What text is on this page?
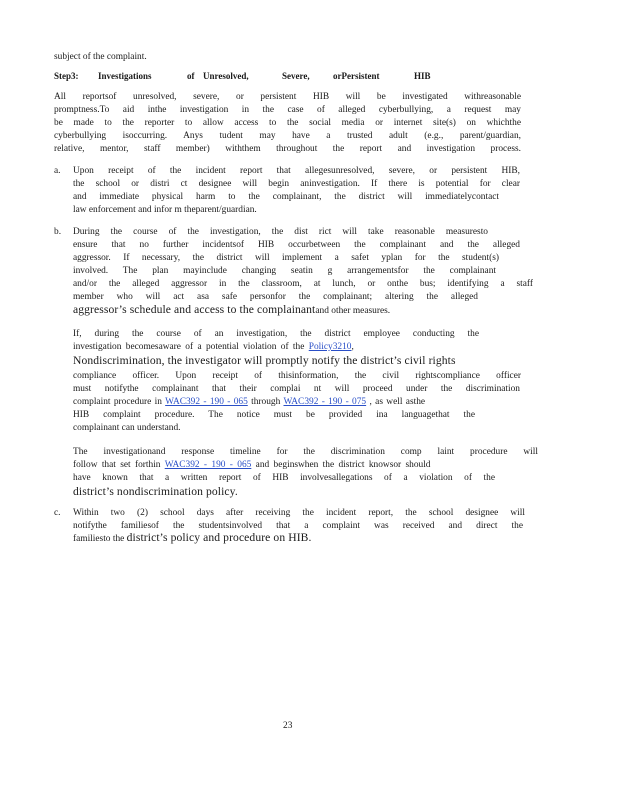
subject of the complaint.
Step3: Investigations	of Unresolved,	Severe,	orPersistent	HIB
All reportsof unresolved, severe, or persistent HIB will be investigated withreasonable
promptness.To aid inthe investigation in the case of alleged cyberbullying, a request may
be made to the reporter to allow access to the social media or internet site(s) on whichthe
cyberbullying isoccurring. Anys tudent may have a trusted adult (e.g., parent/guardian,
relative, mentor, staff member) withthem throughout the report and investigation process.
a. Upon receipt of the incident report that allegesunresolved, severe, or persistent HIB,
the school or distri ct designee will begin aninvestigation. If there is potential for clear
and immediate physical harm to the complainant, the district will immediatelycontact
law enforcement and infor m theparent/guardian.
b. During the course of the investigation, the dist rict will take reasonable measuresto
ensure that no further incidentsof HIB occurbetween the complainant and the alleged
aggressor. If necessary, the district will implement a safet yplan for the student(s)
involved. The plan mayinclude changing seatin g arrangementsfor the complainant
and/or the alleged aggressor in the classroom, at lunch, or onthe bus; identifying a staff
member who will act asa safe personfor the complainant; altering the alleged
aggressor’s schedule and access to the complainantand other measures.
If, during the course of an investigation, the district employee conducting the
investigation becomesaware of a potential violation of the Policy3210,
Nondiscrimination, the investigator will promptly notify the district’s civil rights
compliance officer. Upon receipt of thisinformation, the civil rightscompliance officer
must notifythe complainant that their complai nt will proceed under the discrimination
complaint procedure in WAC392 - 190 - 065 through WAC392 - 190 - 075 , as well asthe
HIB complaint procedure. The notice must be provided ina languagethat the
complainant can understand.
The investigationand response timeline for the discrimination comp laint procedure will
follow that set forthin WAC392 - 190 - 065 and beginswhen the district knowsor should
have known that a written report of HIB involvesallegations of a violation of the
district’s nondiscrimination policy.
c. Within two (2) school days after receiving the incident report, the school designee will
notifythe familiesof the studentsinvolved that a complaint was received and direct the
familiesto the district’s policy and procedure on HIB.
23
